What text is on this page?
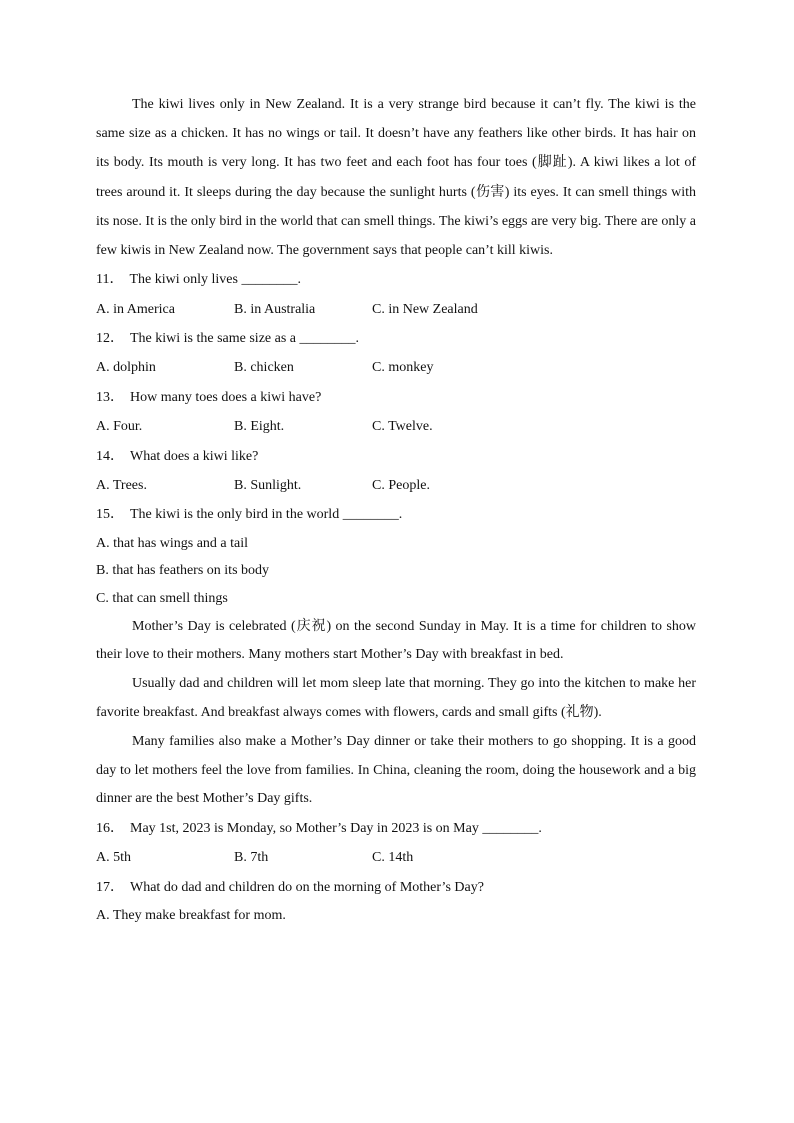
The kiwi lives only in New Zealand. It is a very strange bird because it can’t fly. The kiwi is the same size as a chicken. It has no wings or tail. It doesn’t have any feathers like other birds. It has hair on its body. Its mouth is very long. It has two feet and each foot has four toes (脚趾). A kiwi likes a lot of trees around it. It sleeps during the day because the sunlight hurts (伤害) its eyes. It can smell things with its nose. It is the only bird in the world that can smell things. The kiwi’s eggs are very big. There are only a few kiwis in New Zealand now. The government says that people can’t kill kiwis.

11． The kiwi only lives ________.

A. in America	B. in Australia	C. in New Zealand

12． The kiwi is the same size as a ________.

A. dolphin	B. chicken	C. monkey

13． How many toes does a kiwi have?

A. Four.	B. Eight.	C. Twelve.

14． What does a kiwi like?

A. Trees.	B. Sunlight.	C. People.

15． The kiwi is the only bird in the world ________.

A. that has wings and a tail

B. that has feathers on its body

C. that can smell things

Mother’s Day is celebrated (庆祝) on the second Sunday in May. It is a time for children to show their love to their mothers. Many mothers start Mother’s Day with breakfast in bed.

Usually dad and children will let mom sleep late that morning. They go into the kitchen to make her favorite breakfast. And breakfast always comes with flowers, cards and small gifts (礼物).

Many families also make a Mother’s Day dinner or take their mothers to go shopping. It is a good day to let mothers feel the love from families. In China, cleaning the room, doing the housework and a big dinner are the best Mother’s Day gifts.

16． May 1st, 2023 is Monday, so Mother’s Day in 2023 is on May ________.

A. 5th	B. 7th	C. 14th

17． What do dad and children do on the morning of Mother’s Day?

A. They make breakfast for mom.
